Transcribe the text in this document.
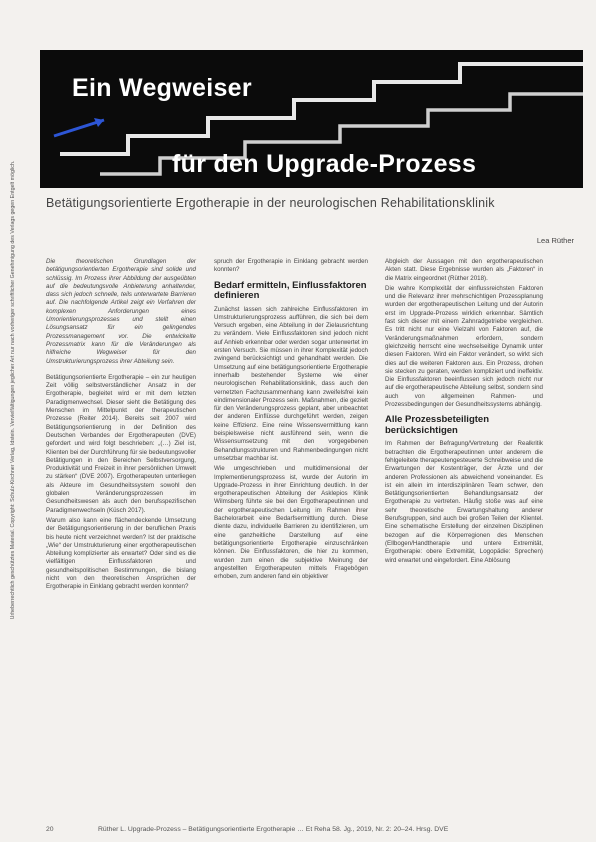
Ein Wegweiser
für den Upgrade-Prozess
Betätigungsorientierte Ergotherapie in der neurologischen Rehabilitationsklinik
Lea Rüther
Urheberrechtlich geschütztes Material. Copyright: Schulz-Kirchner Verlag, Idstein. Vervielfältigungen jeglicher Art nur nach vorheriger schriftlicher Genehmigung des Verlags gegen Entgelt möglich.	Die theoretischen Grundlagen der betätigungsorientierten Ergotherapie sind solide und schlüssig. Im Prozess ihrer Abbildung der ausgeübten auf die bedeutungsvolle Anbieterung anhaltender, dass sich jedoch schnelle, teils unterwartete Barrieren auf. Die nachfolgende Artikel zeigt ein Verfahren der komplexen Anforderungen eines Umorientierungsprozesses und stellt einen Lösungsansatz für ein gelingendes Prozessmanagement vor. Die entwickelte Prozessmatrix kann für die Veränderungen als hilfreiche Wegweiser für den Umstrukturierungsprozess ihrer Abteilung sein.

Betätigungsorientierte Ergotherapie – ein zur heutigen Zeit völlig selbstverständlicher Ansatz in der Ergotherapie, begleitet wird er mit dem letzten Paradigmenwechsel. Dieser sieht die Betätigung des Menschen im Mittelpunkt der therapeutischen Prozesse (Reiter 2014). Bereits seit 2007 wird Betätigungsorientierung in der Definition des Deutschen Verbandes der Ergotherapeuten (DVE) gefordert und wird folgt beschrieben: „(…) Ziel ist, Klienten bei der Durchführung für sie bedeutungsvoller Betätigungen in den Bereichen Selbstversorgung, Produktivität und Freizeit in ihrer persönlichen Umwelt zu stärken“ (DVE 2007). Ergotherapeuten unterliegen als Akteure im Gesundheitssystem sowohl den globalen Veränderungsprozessen im Gesundheitswesen als auch den berufsspezifischen Paradigmenwechseln (Küsch 2017).

Warum also kann eine flächendeckende Umsetzung der Betätigungsorientierung in der beruflichen Praxis bis heute nicht verzeichnet werden? Ist der praktische „Wie“ der Umstrukturierung einer ergotherapeutischen Abteilung komplizierter als erwartet? Oder sind es die vielfältigen Einflussfaktoren und gesundheitspolitischen Bestimmungen, die bislang nicht von den theoretischen Ansprüchen der Ergotherapie in Einklang gebracht werden konnten?

spruch der Ergotherapie in Einklang gebracht werden konnten?

Bedarf ermitteln, Einflussfaktoren definieren

Zunächst lassen sich zahlreiche Einflussfaktoren im Umstrukturierungsprozess aufführen, die sich bei dem Versuch ergeben, eine Abteilung in der Zielausrichtung zu verändern. Viele Einflussfaktoren sind jedoch nicht auf Anhieb erkennbar oder werden sogar unterwertet im ersten Versuch. Sie müssen in ihrer Komplexität jedoch zwingend berücksichtigt und gehandhabt werden. Die Umsetzung auf eine betätigungsorientierte Ergotherapie innerhalb bestehender Systeme wie einer neurologischen Rehabilitationsklinik, dass auch den vernetzten Fachzusammenhang kann zweifelsfrei kein eindimensionaler Prozess sein. Maßnahmen, die gezielt für den Veränderungsprozess geplant, aber unbeachtet der anderen Einflüsse durchgeführt werden, zeigen keine Effizienz. Eine reine Wissensvermittlung kann beispielsweise nicht ausführend sein, wenn die Wissensumsetzung mit den vorgegebenen Behandlungsstrukturen und Rahmenbedingungen nicht umsetzbar machbar ist.

Wie umgeschrieben und multidimensional der Implementierungsprozess ist, wurde der Autorin im Upgrade-Prozess in ihrer Einrichtung deutlich. In der ergotherapeutischen Abteilung der Asklepios Klinik Wilmsberg führte sie bei den Ergotherapeutinnen und der ergotherapeutischen Leitung im Rahmen ihrer Bachelorarbeit eine Bedarfsermittlung durch. Diese diente dazu, individuelle Barrieren zu identifizieren, um eine ganzheitliche Darstellung auf eine betätigungsorientierte Ergotherapie einzuschränken können. Die Einflussfaktoren, die hier zu kommen, wurden zum einen die subjektive Meinung der angestellten Ergotherapeuten mittels Fragebögen erhoben, zum anderen fand ein objektiver

Abgleich der Aussagen mit den ergotherapeutischen Akten statt. Diese Ergebnisse wurden als „Faktoren“ in die Matrix eingeordnet (Rüther 2018).

Die wahre Komplexität der einflussreichsten Faktoren und die Relevanz ihrer mehrschichtigen Prozessplanung wurden der ergotherapeutischen Leitung und der Autorin erst im Upgrade-Prozess wirklich erkennbar. Sämtlich fast sich dieser mit einem Zahnradgetriebe vergleichen. Es tritt nicht nur eine Vielzahl von Faktoren auf, die Veränderungsmaßnahmen erfordern, sondern gleichzeitig herrscht eine wechselseitige Dynamik unter diesen Faktoren. Wird ein Faktor verändert, so wirkt sich dies auf die weiteren Faktoren aus. Ein Prozess, drohen sie stecken zu geraten, werden kompliziert und ineffektiv. Die Einflussfaktoren beeinflussen sich jedoch nicht nur auf die ergotherapeutische Abteilung selbst, sondern sind auch von allgemeinen Rahmen- und Prozessbedingungen der Gesundheitssystems abhängig.

Alle Prozessbeteiligten berücksichtigen

Im Rahmen der Befragung/Vertretung der Realkritik betrachten die Ergotherapeutinnen unter anderem die fehlgeleitete therapeutengesteuerte Schreibweise und die Erwartungen der Kostenträger, der Ärzte und der anderen Professionen als abweichend voneinander. Es ist ein allein im interdisziplinären Team schwer, den Betätigungsorientierten Behandlungsansatz der Ergotherapie zu vertreten. Häufig stoße was auf eine sehr theoretische Erwartungshaltung anderer Berufsgruppen, sind auch bei großen Teilen der Klientel. Eine schematische Erstellung der einzelnen Disziplinen bezogen auf die Körperregionen des Menschen (Ellbogen/Handtherapie und untere Extremität, Ergotherapie: obere Extremität, Logopädie: Sprechen) wird erwartet und eingefordert. Eine Ablösung

20	Rüther L. Upgrade-Prozess – Betätigungsorientierte Ergotherapie … Et Reha 58. Jg., 2019, Nr. 2: 20–24. Hrsg. DVE
